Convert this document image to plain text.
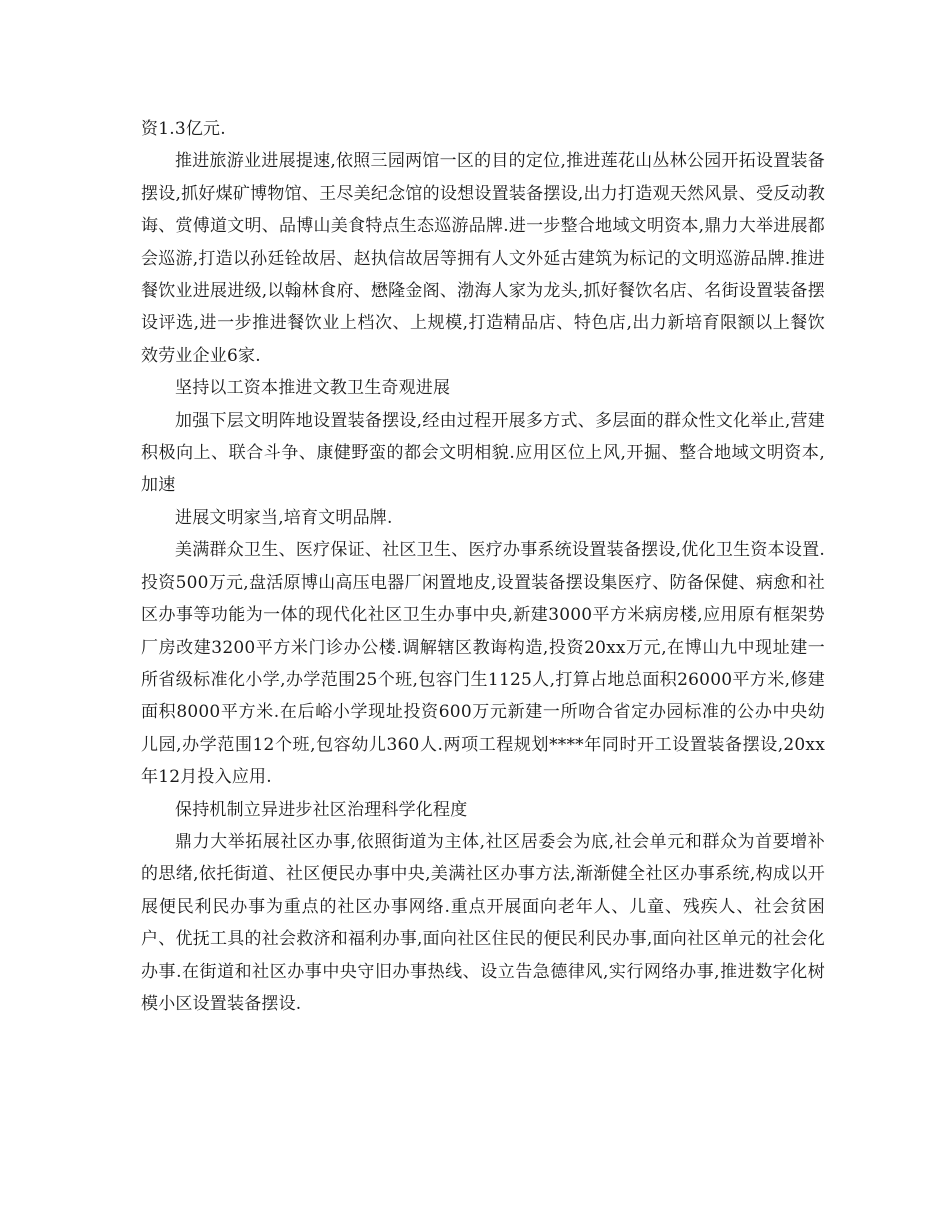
资1.3亿元.

推进旅游业进展提速,依照三园两馆一区的目的定位,推进莲花山丛林公园开拓设置装备摆设,抓好煤矿博物馆、王尽美纪念馆的设想设置装备摆设,出力打造观天然风景、受反动教诲、赏傅道文明、品博山美食特点生态巡游品牌.进一步整合地域文明资本,鼎力大举进展都会巡游,打造以孙廷铨故居、赵执信故居等拥有人文外延古建筑为标记的文明巡游品牌.推进餐饮业进展进级,以翰林食府、懋隆金阁、渤海人家为龙头,抓好餐饮名店、名街设置装备摆设评选,进一步推进餐饮业上档次、上规模,打造精品店、特色店,出力新培育限额以上餐饮效劳业企业6家.

坚持以工资本推进文教卫生奇观进展

加强下层文明阵地设置装备摆设,经由过程开展多方式、多层面的群众性文化举止,营建积极向上、联合斗争、康健野蛮的都会文明相貌.应用区位上风,开掘、整合地域文明资本,加速

进展文明家当,培育文明品牌.

美满群众卫生、医疗保证、社区卫生、医疗办事系统设置装备摆设,优化卫生资本设置.投资500万元,盘活原博山高压电器厂闲置地皮,设置装备摆设集医疗、防备保健、病愈和社区办事等功能为一体的现代化社区卫生办事中央,新建3000平方米病房楼,应用原有框架势厂房改建3200平方米门诊办公楼.调解辖区教诲构造,投资20xx万元,在博山九中现址建一所省级标准化小学,办学范围25个班,包容门生1125人,打算占地总面积26000平方米,修建面积8000平方米.在后峪小学现址投资600万元新建一所吻合省定办园标准的公办中央幼儿园,办学范围12个班,包容幼儿360人.两项工程规划****年同时开工设置装备摆设,20xx年12月投入应用.

保持机制立异进步社区治理科学化程度

鼎力大举拓展社区办事,依照街道为主体,社区居委会为底,社会单元和群众为首要增补的思绪,依托街道、社区便民办事中央,美满社区办事方法,渐渐健全社区办事系统,构成以开展便民利民办事为重点的社区办事网络.重点开展面向老年人、儿童、残疾人、社会贫困户、优抚工具的社会救济和福利办事,面向社区住民的便民利民办事,面向社区单元的社会化办事.在街道和社区办事中央守旧办事热线、设立告急德律风,实行网络办事,推进数字化树模小区设置装备摆设.
